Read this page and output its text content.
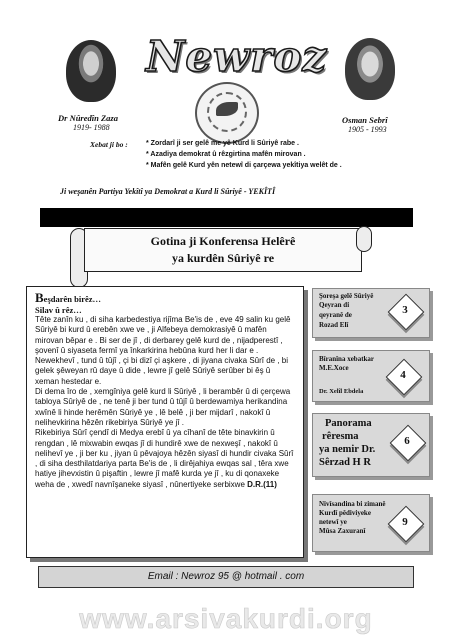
Dr Nûredîn Zaza
1919- 1988
Newroz
Osman Sebrî
1905 - 1993
Xebat ji bo :	* Zordarî ji ser gelê me yê Kurd li Sûriyê rabe .
* Azadiya demokrat û rêzgirtina mafên mirovan .
* Mafên gelê Kurd yên netewî di çarçewa yekîtiya welêt de .
Ji weşanên Partiya Yekîtî ya Demokrat a Kurd li Sûriyê - YEKÎTÎ
Gotina ji Konferensa Helêrê
ya kurdên Sûriyê re

Beşdarên birêz…

Silav û rêz…

Tête zanîn ku , di siha karbedestiya rijîma Be'is de , eve 49 salin ku gelê Sûriyê bi kurd û erebên xwe ve , ji Alfebeya demokrasiyê û mafên mirovan bêpar e . Bi ser de jî , di derbarey gelê kurd de , nijadperestî , şovenî û siyaseta fermî ya înkarkirina hebûna kurd her li dar e .

Newekhevî , tund û tûjî , çi bi dizî çi aşkere , di jiyana civaka Sûrî de , bi gelek şêweyan rû daye û dide , lewre jî gelê Sûriyê serûber bi êş û xeman hestedar e.

Di dema îro de , xemgîniya gelê kurd li Sûriyê , li berambêr û di çerçewa tabloya Sûriyê de , ne tenê ji ber tund û tûjî û berdewamiya herikandina xwînê li hinde herêmên Sûriyê ye , lê belê , ji ber mijdarî , nakokî û nelihevkirina hêzên rikebiriya Sûriyê ye jî .

Rikebiriya Sûrî çendî di Medya erebî û ya cîhanî de tête binavkirin û rengdan , lê mixwabin ewqas jî di hundirê xwe de nexweşî , nakokî û nelihevî ye , ji ber ku , jiyan û pêvajoya hêzên siyasî di hundir civaka Sûrî , di siha desthilatdariya parta Be'is de , li dirêjahiya ewqas sal , têra xwe hatiye jihevxistin û pişaftin , lewre jî mafê kurda ye jî , ku di qonaxeke weha de , xwedî navnîşaneke siyasî , nûnertiyeke serbixwe D.R.(11)

Şoreşa gelê Sûriyê
Qeyran di
qeyranê de
Rozad Elî
3
Bîranîna xebatkar
M.E.Xoce
Dr. Xelîl Ebdela
4
Panorama
rêresma
ya nemir Dr.
Sêrzad H R
6
Nivîsandina bi zimanê
Kurdî pêdiviyeke
netewî ye
Mûsa Zaxuranî
9
Email : Newroz 95 @ hotmail . com
www.arsivakurdi.org
